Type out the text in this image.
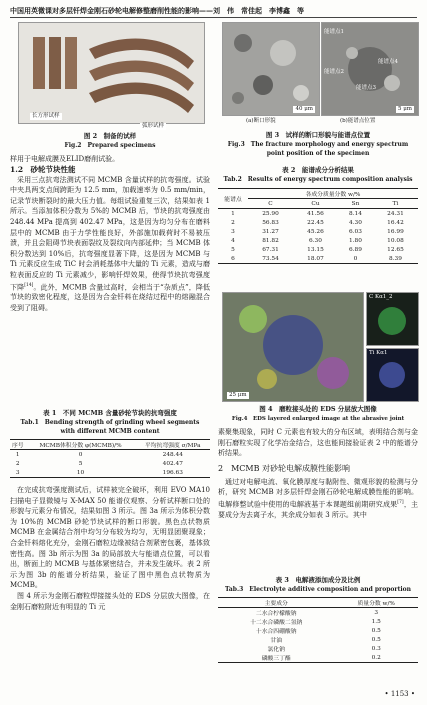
中国用英微课对多层钎焊金刚石砂轮电解修整磨削性能的影响——刘　伟　常佳起　李博鑫　等
长方形试样
弧形试样
图 2　制备的试样
Fig.2　Prepared specimens

样用于电解成膜及ELID磨削试验。

1.2　砂轮节块性能

采用三点抗弯法测试不同 MCMB 含量试样的抗弯强度。试验中夹具两支点间跨距为 12.5 mm，加载速率为 0.5 mm/min，记录节块断裂时的最大压力值。每组试验重复三次，结果如表 1 所示。当添加体积分数为 5%的 MCMB 后，节块的抗弯强度由 248.44 MPa 提高到 402.47 MPa，这是因为均匀分布在磨料层中的 MCMB 由于力学性能良好，外部施加载荷时不易被压溃，并且会阻碍节块表面裂纹及裂纹向内部延伸；当 MCMB 体积分数达到 10%后，抗弯强度显著下降，这是因为 MCMB 与 Ti 元素反应生成 TiC 时会消耗基体中大量的 Ti 元素，造成与磨粒表面反应的 Ti 元素减少，影响钎焊效果，使得节块抗弯强度下降[14]。此外，MCMB 含量过高时，会相当于“杂质点”，降低节块的致密化程度，这是因为合金钎料在烧结过程中的熔融混合受到了阻碍。

表 1　不同 MCMB 含量砂轮节块的抗弯强度
Tab.1　Bending strength of grinding wheel segments
with different MCMB content
序号	MCMB体积分数 φ(MCMB)/%	平均抗弯强度 σ/MPa
1	0	248.44
2	5	402.47
3	10	196.63

在完成抗弯强度测试后，试样被完全破坏，利用 EVO MA10 扫描电子显微镜与 X-MAX 50 能谱仪观察、分析试样断口处的形貌与元素分布情况，结果如图 3 所示。图 3a 所示为体积分数为 10%的 MCMB 砂轮节块试样的断口形貌。黑色点状物质 MCMB 在金属结合剂中均匀分布较为均匀，无明显团聚现象；合金钎料熔化充分，金刚石磨粒边缘被结合剂紧密包裹，基体致密性高。图 3b 所示为图 3a 的局部放大与能谱点位置，可以看出，断面上的 MCMB 与基体紧密结合，并未发生破坏。表 2 所示为图 3b 的能谱分析结果，验证了图中黑色点状物质为 MCMB。

图 4 所示为金刚石磨粒焊接接头处的 EDS 分层放大图像，在金刚石磨粒附近有明显的 Ti 元

40 μm
能谱点1
能谱点2
能谱点3
能谱点4
5 μm
(a)断口形貌	(b)能谱点位置
图 3　试样的断口形貌与能谱点位置
Fig.3　The fracture morphology and energy spectrum
point position of the specimen
表 2　能谱成分分析结果
Tab.2　Results of energy spectrum composition analysis
能谱点	各成分质量分数 w/%			
	C	Cu	Sn	Ti
1	25.90	41.56	8.14	24.31
2	56.83	22.45	4.30	16.42
3	31.27	45.26	6.03	16.99
4	81.82	6.30	1.80	10.08
5	67.31	13.15	6.89	12.65
6	73.54	18.07	0	8.39
25 μm
C Kα1_2
Ti Kα1
图 4　磨粒接头处的 EDS 分层放大图像
Fig.4　EDS layered enlarged image at the abrasive joint

素聚集现象，同时 C 元素也有较大的分布区域，表明结合剂与金刚石磨粒实现了化学冶金结合，这也能间接验证表 2 中的能谱分析结果。

2　MCMB 对砂轮电解成膜性能影响

通过对电解电流、氧化膜厚度与黏附性、微观形貌的检测与分析，研究 MCMB 对多层钎焊金刚石砂轮电解成膜性能的影响。电解修整试验中使用的电解液基于本课题组前期研究成果[7]，主要成分为去离子水，其余成分如表 3 所示。其中

表 3　电解液添加成分及比例
Tab.3　Electrolyte additive composition and proportion
主要成分	质量分数 w/%
二水合柠檬酸钠	3
十二水合磷酸二氢钠	1.5
十水合四硼酸钠	0.5
甘油	0.5
氯化钠	0.3
磷酸三丁酯	0.2
• 1153 •
